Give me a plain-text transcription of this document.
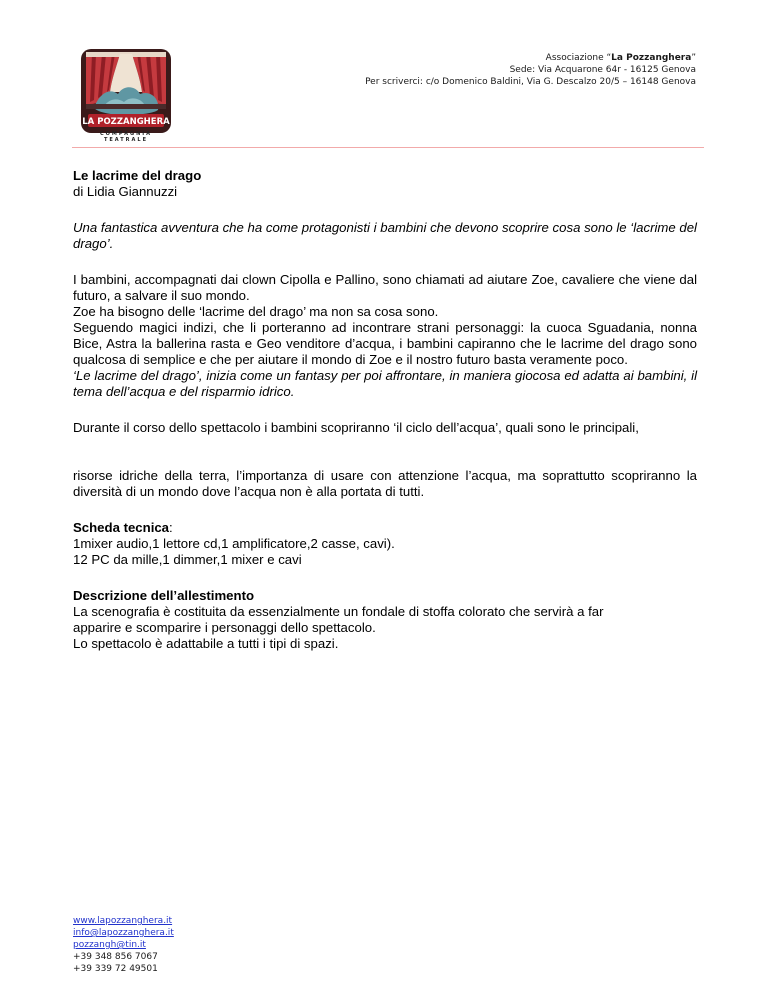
LA POZZANGHERA
COMPAGNIA TEATRALE
Associazione “La Pozzanghera”
Sede: Via Acquarone 64r - 16125 Genova
Per scriverci: c/o Domenico Baldini, Via G. Descalzo 20/5 – 16148 Genova

Le lacrime del drago

di Lidia Giannuzzi

Una fantastica avventura che ha come protagonisti i bambini che devono scoprire cosa sono le ‘lacrime del drago’.

I bambini, accompagnati dai clown Cipolla e Pallino, sono chiamati ad aiutare Zoe, cavaliere che viene dal futuro, a salvare il suo mondo.

Zoe ha bisogno delle ‘lacrime del drago’ ma non sa cosa sono.

Seguendo magici indizi, che li porteranno ad incontrare strani personaggi: la cuoca Sguadania, nonna Bice, Astra la ballerina rasta e Geo venditore d’acqua, i bambini capiranno che le lacrime del drago sono qualcosa di semplice e che per aiutare il mondo di Zoe e il nostro futuro basta veramente poco.

‘Le lacrime del drago’, inizia come un fantasy per poi affrontare, in maniera giocosa ed adatta ai bambini, il tema dell’acqua e del risparmio idrico.

Durante il corso dello spettacolo i bambini scopriranno ‘il ciclo dell’acqua’, quali sono le principali,

risorse idriche della terra, l’importanza di usare con attenzione l’acqua, ma soprattutto scopriranno la diversità di un mondo dove l’acqua non è alla portata di tutti.

Scheda tecnica:

1mixer audio,1 lettore cd,1 amplificatore,2 casse, cavi).

12 PC da mille,1 dimmer,1 mixer e cavi

Descrizione dell’allestimento

La scenografia è costituita da essenzialmente un fondale di stoffa colorato che servirà a far apparire e scomparire i personaggi dello spettacolo.

Lo spettacolo è adattabile a tutti i tipi di spazi.

www.lapozzanghera.it
info@lapozzanghera.it
pozzangh@tin.it
+39 348 856 7067
+39 339 72 49501
